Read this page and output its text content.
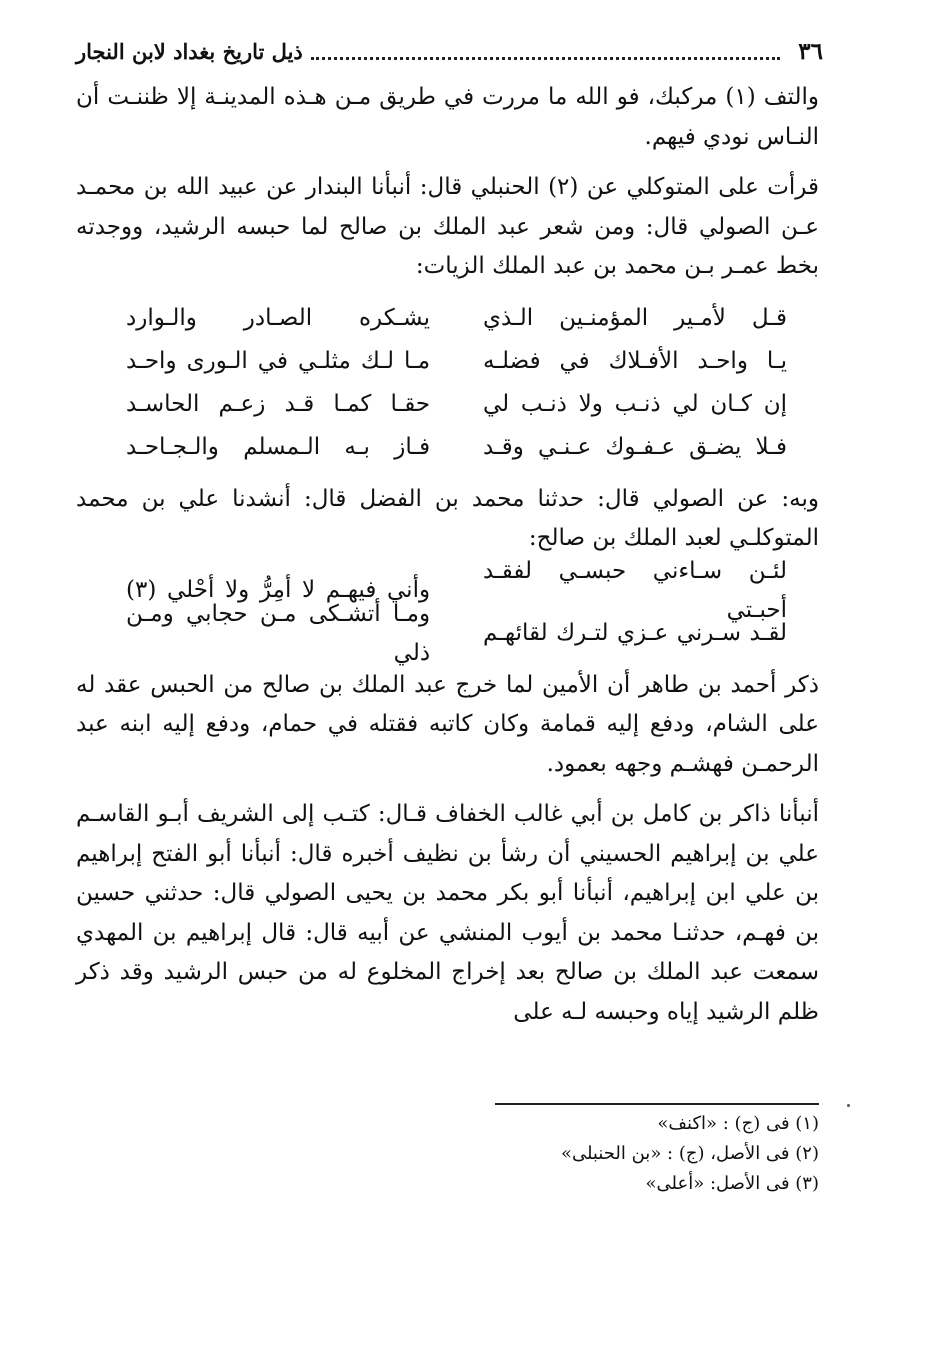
٣٦
ذيل تاريخ بغداد لابن النجار

والتف (١) مركبك، فو الله ما مررت في طريق مـن هـذه المدينـة إلا ظننـت أن النـاس نودي فيهم.

قرأت على المتوكلي عن (٢) الحنبلي قال: أنبأنا البندار عن عبيد الله بن محمـد عـن الصولي قال: ومن شعر عبد الملك بن صالح لما حبسه الرشيد، ووجدته بخط عمـر بـن محمد بن عبد الملك الزيات:

قـل لأمـير المؤمنـين الـذي
يشـكره الصـادر والـوارد
يـا واحـد الأفـلاك في فضلـه
مـا لـك مثلـي في الـورى واحـد
إن كـان لي ذنـب ولا ذنـب لي
حقـا كمـا قـد زعـم الحاسـد
فـلا يضـق عـفـوك عـنـي وقـد
فـاز بـه الـمسلم والـجـاحـد

وبه: عن الصولي قال: حدثنا محمد بن الفضل قال: أنشدنا علي بن محمد المتوكلـي لعبد الملك بن صالح:

لئـن سـاءني حبسـي لفقـد أحبـتي
وأني فيهـم لا أمِرُّ ولا أحْلي (٣)
لقـد سـرني عـزي لتـرك لقائهـم
ومـا أتشـكى مـن حجابي ومـن ذلي

ذكر أحمد بن طاهر أن الأمين لما خرج عبد الملك بن صالح من الحبس عقد له على الشام، ودفع إليه قمامة وكان كاتبه فقتله في حمام، ودفع إليه ابنه عبد الرحمـن فهشـم وجهه بعمود.

أنبأنا ذاكر بن كامل بن أبي غالب الخفاف قـال: كتـب إلى الشريف أبـو القاسـم علي بن إبراهيم الحسيني أن رشأ بن نظيف أخبره قال: أنبأنا أبو الفتح إبراهيم بن علي ابن إبراهيم، أنبأنا أبو بكر محمد بن يحيى الصولي قال: حدثني حسين بن فهـم، حدثنـا محمد بن أيوب المنشي عن أبيه قال: قال إبراهيم بن المهدي سمعت عبد الملك بن صالح بعد إخراج المخلوع له من حبس الرشيد وقد ذكر ظلم الرشيد إياه وحبسه لـه على

(١) فى (ج) : «اكنف»
(٢) فى الأصل، (ج) : «بن الحنبلى»
(٣) فى الأصل: «أعلى»
